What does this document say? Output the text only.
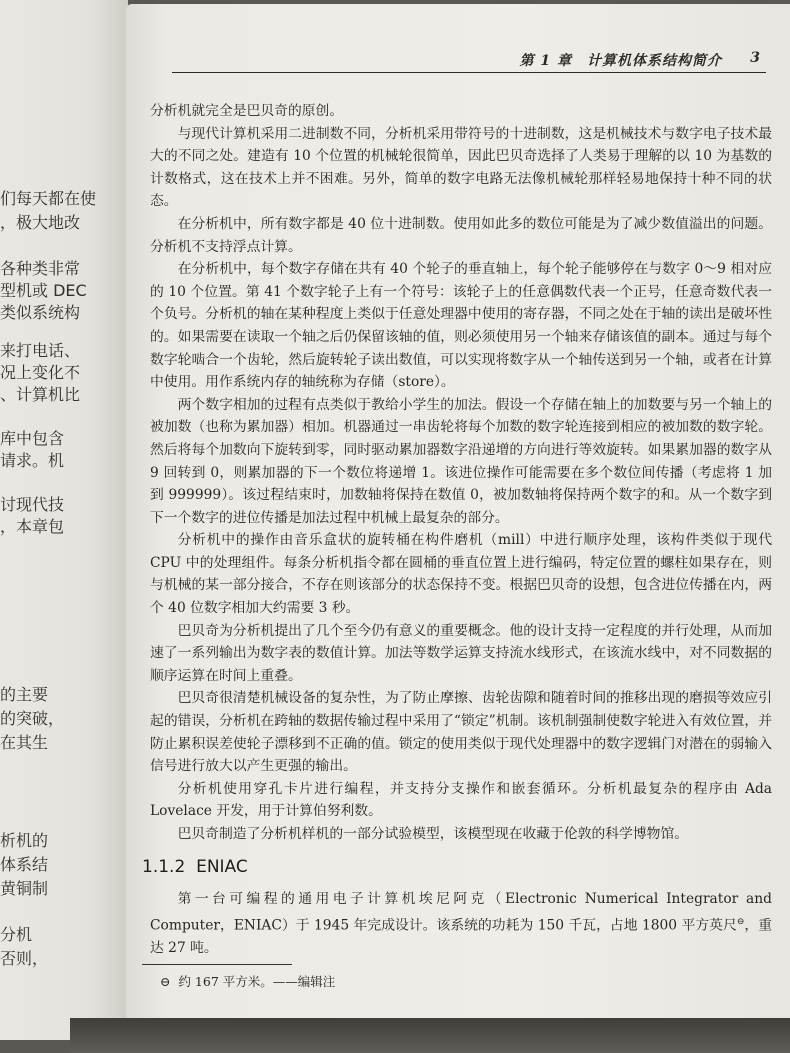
们每天都在使
，极大地改
各种类非常
型机或 DEC
类似系统构
来打电话、
况上变化不
、计算机比
库中包含
请求。机
讨现代技
，本章包
的主要
的突破，
在其生
析机的
体系结
黄铜制
分机
否则，
第 1 章　计算机体系结构简介 3

分析机就完全是巴贝奇的原创。

与现代计算机采用二进制数不同，分析机采用带符号的十进制数，这是机械技术与数字电子技术最大的不同之处。建造有 10 个位置的机械轮很简单，因此巴贝奇选择了人类易于理解的以 10 为基数的计数格式，这在技术上并不困难。另外，简单的数字电路无法像机械轮那样轻易地保持十种不同的状态。

在分析机中，所有数字都是 40 位十进制数。使用如此多的数位可能是为了减少数值溢出的问题。分析机不支持浮点计算。

在分析机中，每个数字存储在共有 40 个轮子的垂直轴上，每个轮子能够停在与数字 0～9 相对应的 10 个位置。第 41 个数字轮子上有一个符号：该轮子上的任意偶数代表一个正号，任意奇数代表一个负号。分析机的轴在某种程度上类似于任意处理器中使用的寄存器，不同之处在于轴的读出是破坏性的。如果需要在读取一个轴之后仍保留该轴的值，则必须使用另一个轴来存储该值的副本。通过与每个数字轮啮合一个齿轮，然后旋转轮子读出数值，可以实现将数字从一个轴传送到另一个轴，或者在计算中使用。用作系统内存的轴统称为存储（store）。

两个数字相加的过程有点类似于教给小学生的加法。假设一个存储在轴上的加数要与另一个轴上的被加数（也称为累加器）相加。机器通过一串齿轮将每个加数的数字轮连接到相应的被加数的数字轮。然后将每个加数向下旋转到零，同时驱动累加器数字沿递增的方向进行等效旋转。如果累加器的数字从 9 回转到 0，则累加器的下一个数位将递增 1。该进位操作可能需要在多个数位间传播（考虑将 1 加到 999999）。该过程结束时，加数轴将保持在数值 0，被加数轴将保持两个数字的和。从一个数字到下一个数字的进位传播是加法过程中机械上最复杂的部分。

分析机中的操作由音乐盒状的旋转桶在构件磨机（mill）中进行顺序处理，该构件类似于现代 CPU 中的处理组件。每条分析机指令都在圆桶的垂直位置上进行编码，特定位置的螺柱如果存在，则与机械的某一部分接合，不存在则该部分的状态保持不变。根据巴贝奇的设想，包含进位传播在内，两个 40 位数字相加大约需要 3 秒。

巴贝奇为分析机提出了几个至今仍有意义的重要概念。他的设计支持一定程度的并行处理，从而加速了一系列输出为数字表的数值计算。加法等数学运算支持流水线形式，在该流水线中，对不同数据的顺序运算在时间上重叠。

巴贝奇很清楚机械设备的复杂性，为了防止摩擦、齿轮齿隙和随着时间的推移出现的磨损等效应引起的错误，分析机在跨轴的数据传输过程中采用了“锁定”机制。该机制强制使数字轮进入有效位置，并防止累积误差使轮子漂移到不正确的值。锁定的使用类似于现代处理器中的数字逻辑门对潜在的弱输入信号进行放大以产生更强的输出。

分析机使用穿孔卡片进行编程，并支持分支操作和嵌套循环。分析机最复杂的程序由 Ada Lovelace 开发，用于计算伯努利数。

巴贝奇制造了分析机样机的一部分试验模型，该模型现在收藏于伦敦的科学博物馆。

1.1.2 ENIAC

第一台可编程的通用电子计算机埃尼阿克（Electronic Numerical Integrator and Computer，ENIAC）于 1945 年完成设计。该系统的功耗为 150 千瓦，占地 1800 平方英尺⊖，重达 27 吨。

⊖ 约 167 平方米。——编辑注
